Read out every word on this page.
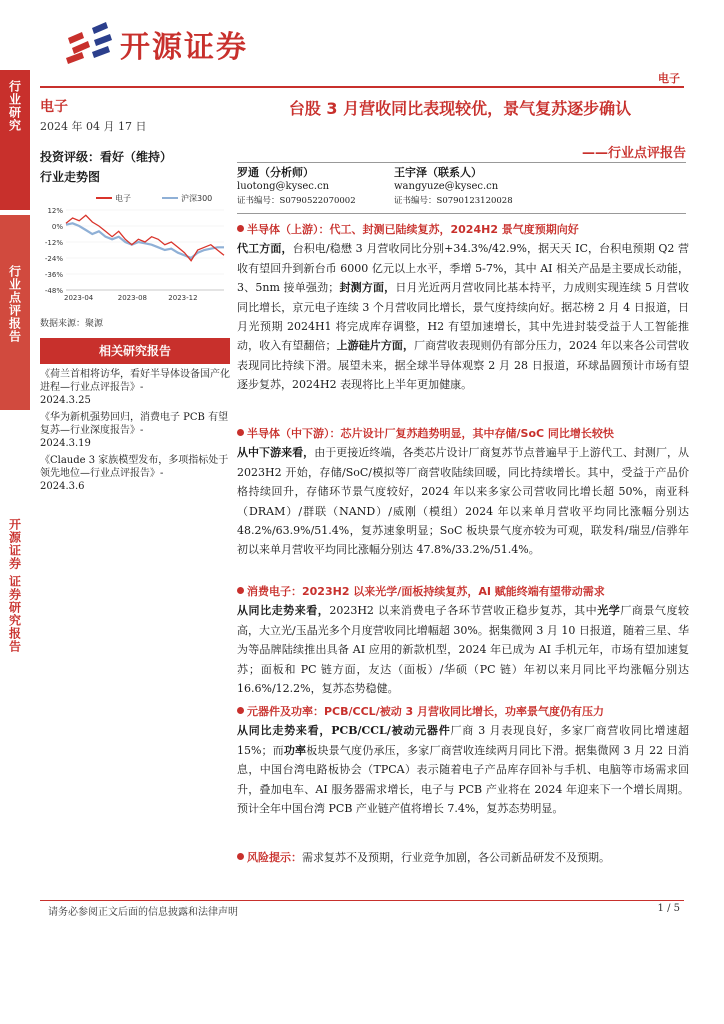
开源证券
电子
行业研究
行业点评报告
开源证券 证券研究报告
电子
2024 年 04 月 17 日
投资评级：看好（维持）
行业走势图
电子	沪深300
12%
0%
-12%
-24%
-36%
-48%
2023-04	2023-08	2023-12
数据来源：聚源
相关研究报告
《荷兰首相将访华，看好半导体设备国产化进程—行业点评报告》-
2024.3.25
《华为新机强势回归，消费电子 PCB 有望复苏—行业深度报告》-
2024.3.19
《Claude 3 家族模型发布，多项指标处于领先地位—行业点评报告》-
2024.3.6
台股 3 月营收同比表现较优，景气复苏逐步确认
——行业点评报告
罗通（分析师）
luotong@kysec.cn
证书编号：S0790522070002
王宇泽（联系人）
wangyuze@kysec.cn
证书编号：S0790123120028
半导体（上游）：代工、封测已陆续复苏，2024H2 景气度预期向好
代工方面，台积电/稳懋 3 月营收同比分别+34.3%/42.9%，据天天 IC，台积电预期 Q2 营收有望回升到新台币 6000 亿元以上水平，季增 5-7%，其中 AI 相关产品是主要成长动能，3、5nm 接单强劲；封测方面，日月光近两月营收同比基本持平，力成则实现连续 5 月营收同比增长，京元电子连续 3 个月营收同比增长，景气度持续向好。据芯榜 2 月 4 日报道，日月光预期 2024H1 将完成库存调整，H2 有望加速增长，其中先进封装受益于人工智能推动，收入有望翻倍；上游硅片方面，厂商营收表现则仍有部分压力，2024 年以来各公司营收表现同比持续下滑。展望未来，据全球半导体观察 2 月 28 日报道，环球晶圆预计市场有望逐步复苏，2024H2 表现将比上半年更加健康。
半导体（中下游）：芯片设计厂复苏趋势明显，其中存储/SoC 同比增长较快
从中下游来看，由于更接近终端，各类芯片设计厂商复苏节点普遍早于上游代工、封测厂，从 2023H2 开始，存储/SoC/模拟等厂商营收陆续回暖，同比持续增长。其中，受益于产品价格持续回升，存储环节景气度较好，2024 年以来多家公司营收同比增长超 50%，南亚科（DRAM）/群联（NAND）/威刚（模组）2024 年以来单月营收平均同比涨幅分别达 48.2%/63.9%/51.4%，复苏速象明显；SoC 板块景气度亦较为可观，联发科/瑞昱/信骅年初以来单月营收平均同比涨幅分别达 47.8%/33.2%/51.4%。
消费电子：2023H2 以来光学/面板持续复苏，AI 赋能终端有望带动需求
从同比走势来看，2023H2 以来消费电子各环节营收正稳步复苏，其中光学厂商景气度较高，大立光/玉晶光多个月度营收同比增幅超 30%。据集微网 3 月 10 日报道，随着三星、华为等品牌陆续推出具备 AI 应用的新款机型，2024 年已成为 AI 手机元年，市场有望加速复苏；面板和 PC 链方面，友达（面板）/华硕（PC 链）年初以来月同比平均涨幅分别达 16.6%/12.2%，复苏态势稳健。
元器件及功率：PCB/CCL/被动 3 月营收同比增长，功率景气度仍有压力
从同比走势来看，PCB/CCL/被动元器件厂商 3 月表现良好，多家厂商营收同比增速超 15%；而功率板块景气度仍承压，多家厂商营收连续两月同比下滑。据集微网 3 月 22 日消息，中国台湾电路板协会（TPCA）表示随着电子产品库存回补与手机、电脑等市场需求回升，叠加电车、AI 服务器需求增长，电子与 PCB 产业将在 2024 年迎来下一个增长周期。预计全年中国台湾 PCB 产业链产值将增长 7.4%，复苏态势明显。
风险提示：需求复苏不及预期，行业竞争加剧，各公司新品研发不及预期。
请务必参阅正文后面的信息披露和法律声明	1 / 5
